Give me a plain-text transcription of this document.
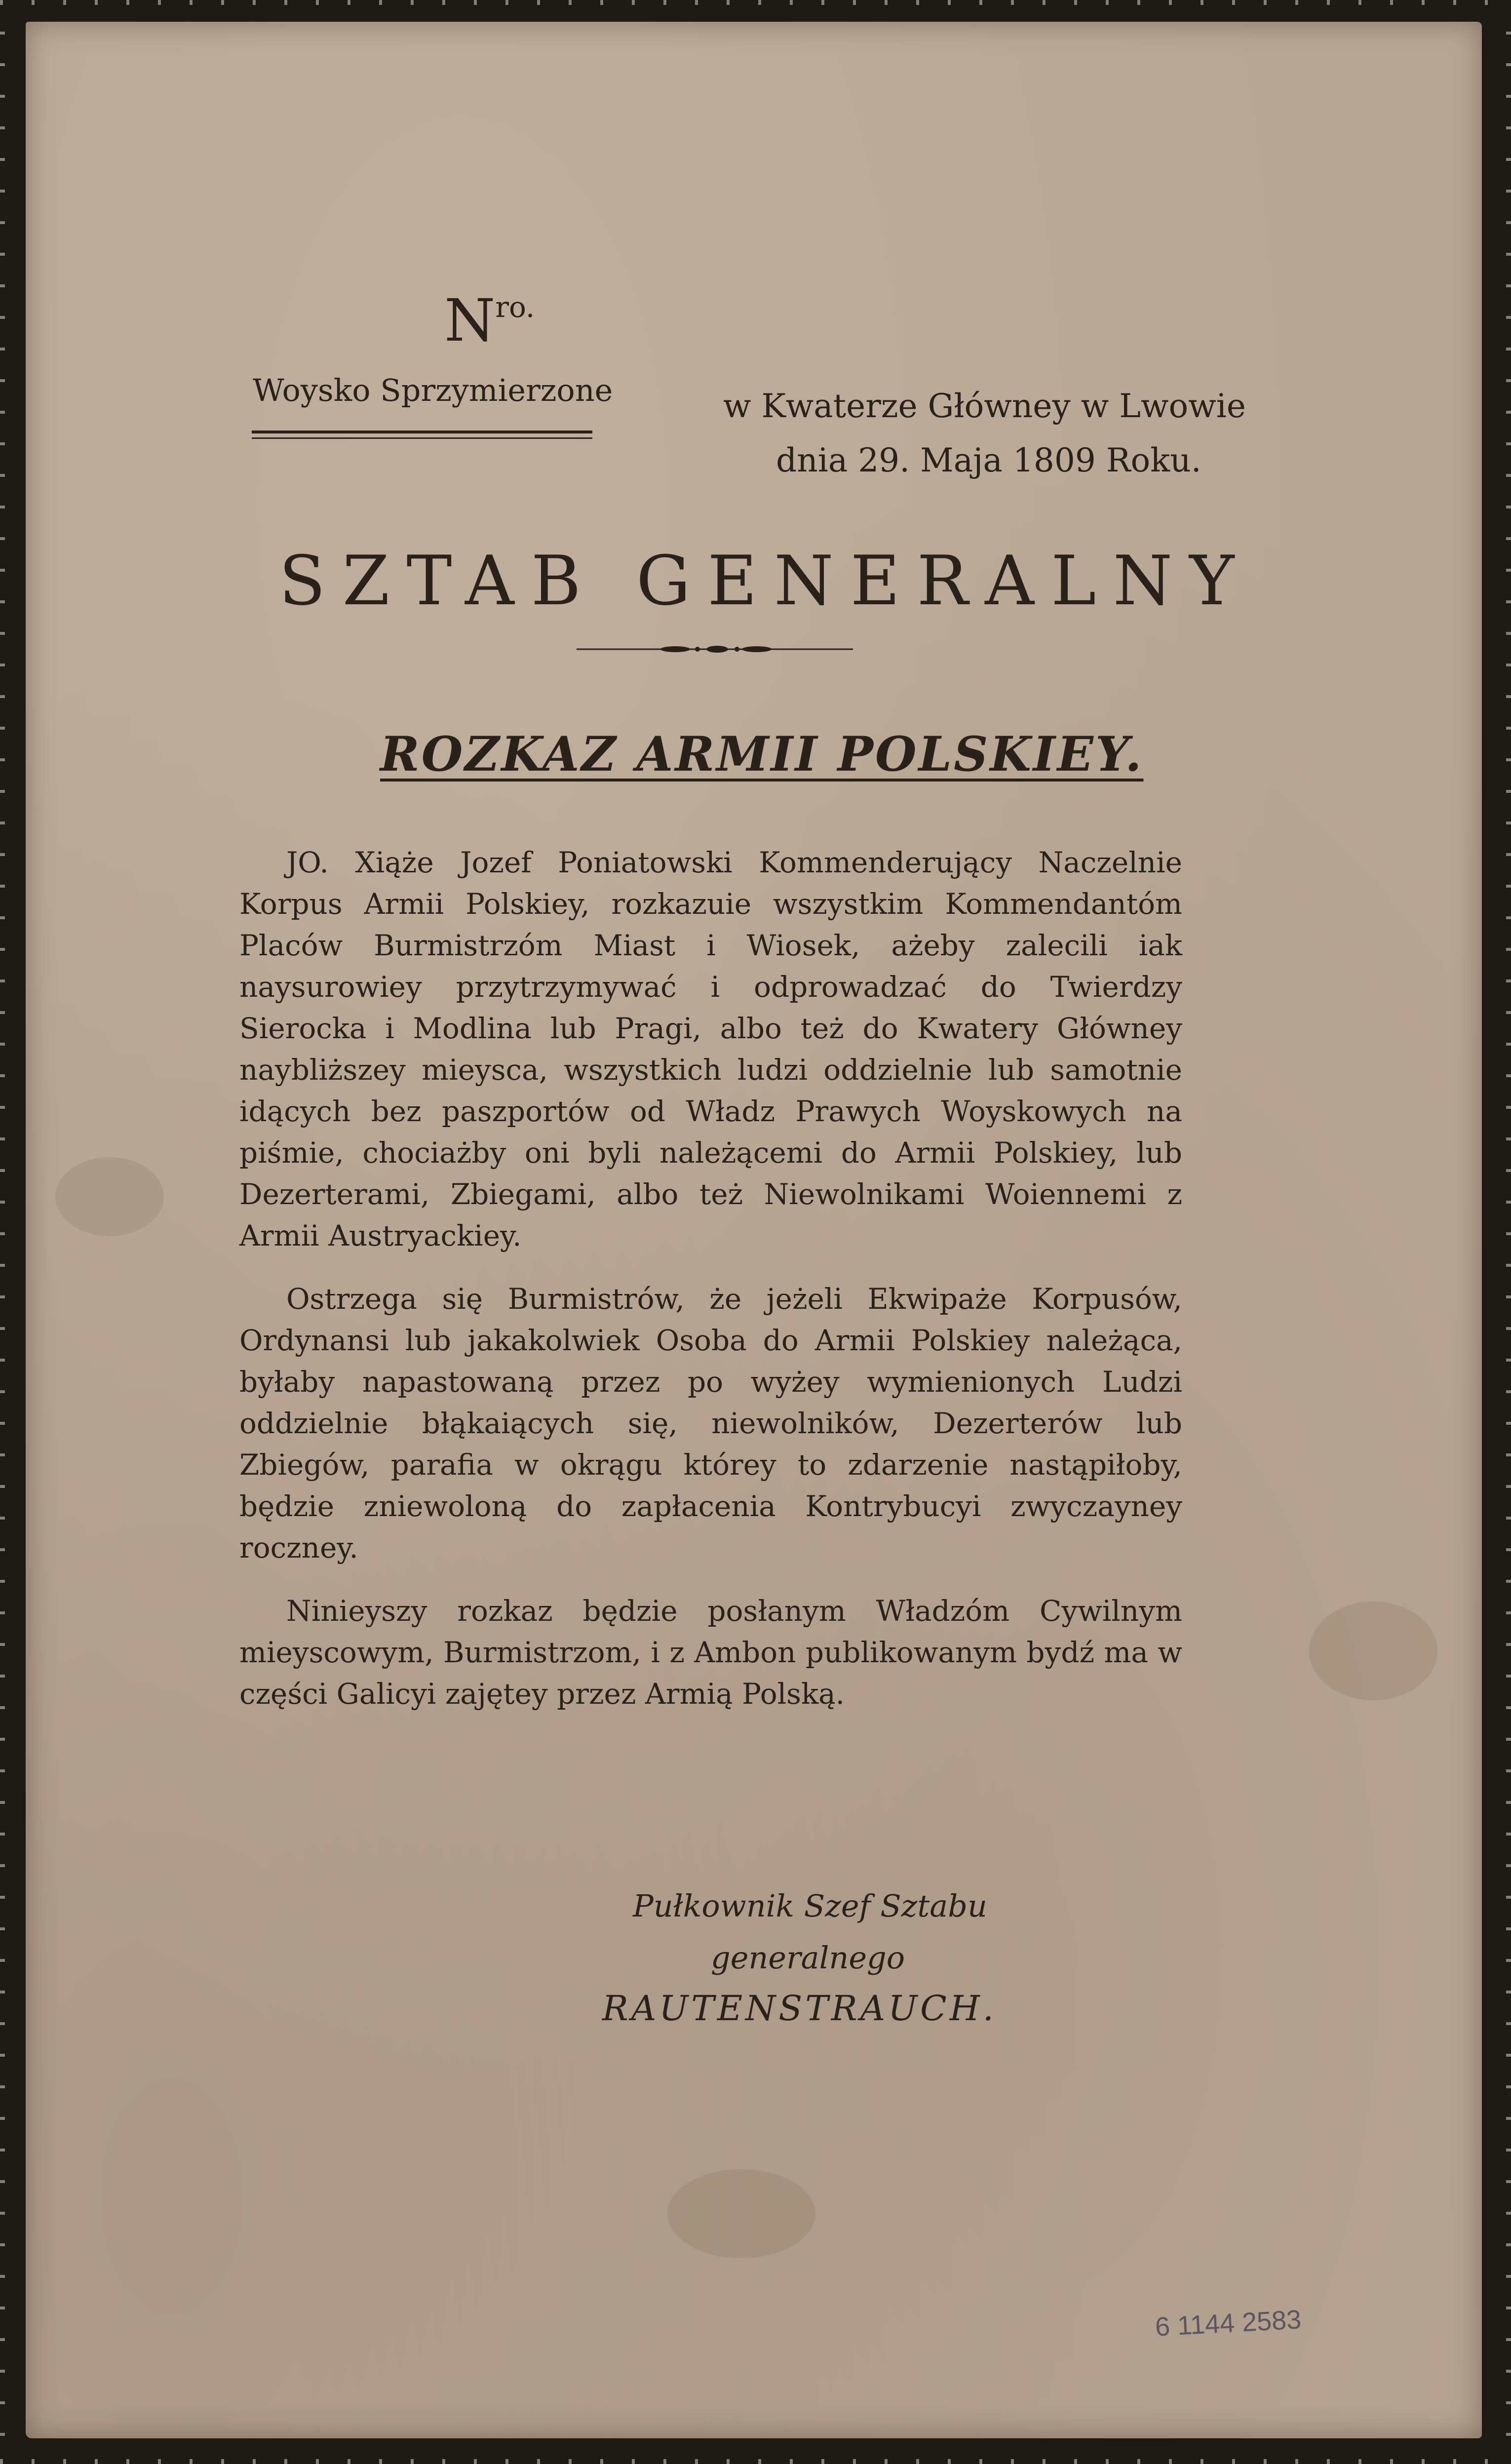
$N^{ro.}$
Woysko Sprzymierzone	w Kwaterze Główney w Lwowie
dnia 29. Maja 1809 Roku.
SZTAB GENERALNY
ROZKAZ ARMII POLSKIEY.

JO. Xiąże Jozef Poniatowski Kommenderujący Naczelnie Korpus Armii Polskiey, rozkazuie wszystkim Kommendantóm Placów Burmistrzóm Miast i Wiosek, ażeby zalecili iak naysurowiey przytrzymywać i odprowadzać do Twierdzy Sierocka i Modlina lub Pragi, albo też do Kwatery Główney naybliższey mieysca, wszystkich ludzi oddzielnie lub samotnie idących bez paszportów od Władz Prawych Woyskowych na piśmie, chociażby oni byli należącemi do Armii Polskiey, lub Dezerterami, Zbiegami, albo też Niewolnikami Woiennemi z Armii Austryackiey.

Ostrzega się Burmistrów, że jeżeli Ekwipaże Korpusów, Ordynansi lub jakakolwiek Osoba do Armii Polskiey należąca, byłaby napastowaną przez po wyżey wymienionych Ludzi oddzielnie błąkaiących się, niewolników, Dezerterów lub Zbiegów, parafia w okrągu którey to zdarzenie nastąpiłoby, będzie zniewoloną do zapłacenia Kontrybucyi zwyczayney roczney.

Ninieyszy rozkaz będzie posłanym Władzóm Cywilnym mieyscowym, Burmistrzom, i z Ambon publikowanym bydź ma w części Galicyi zajętey przez Armią Polską.

Pułkownik Szef Sztabu
generalnego
RAUTENSTRAUCH.
6 1144 2583
